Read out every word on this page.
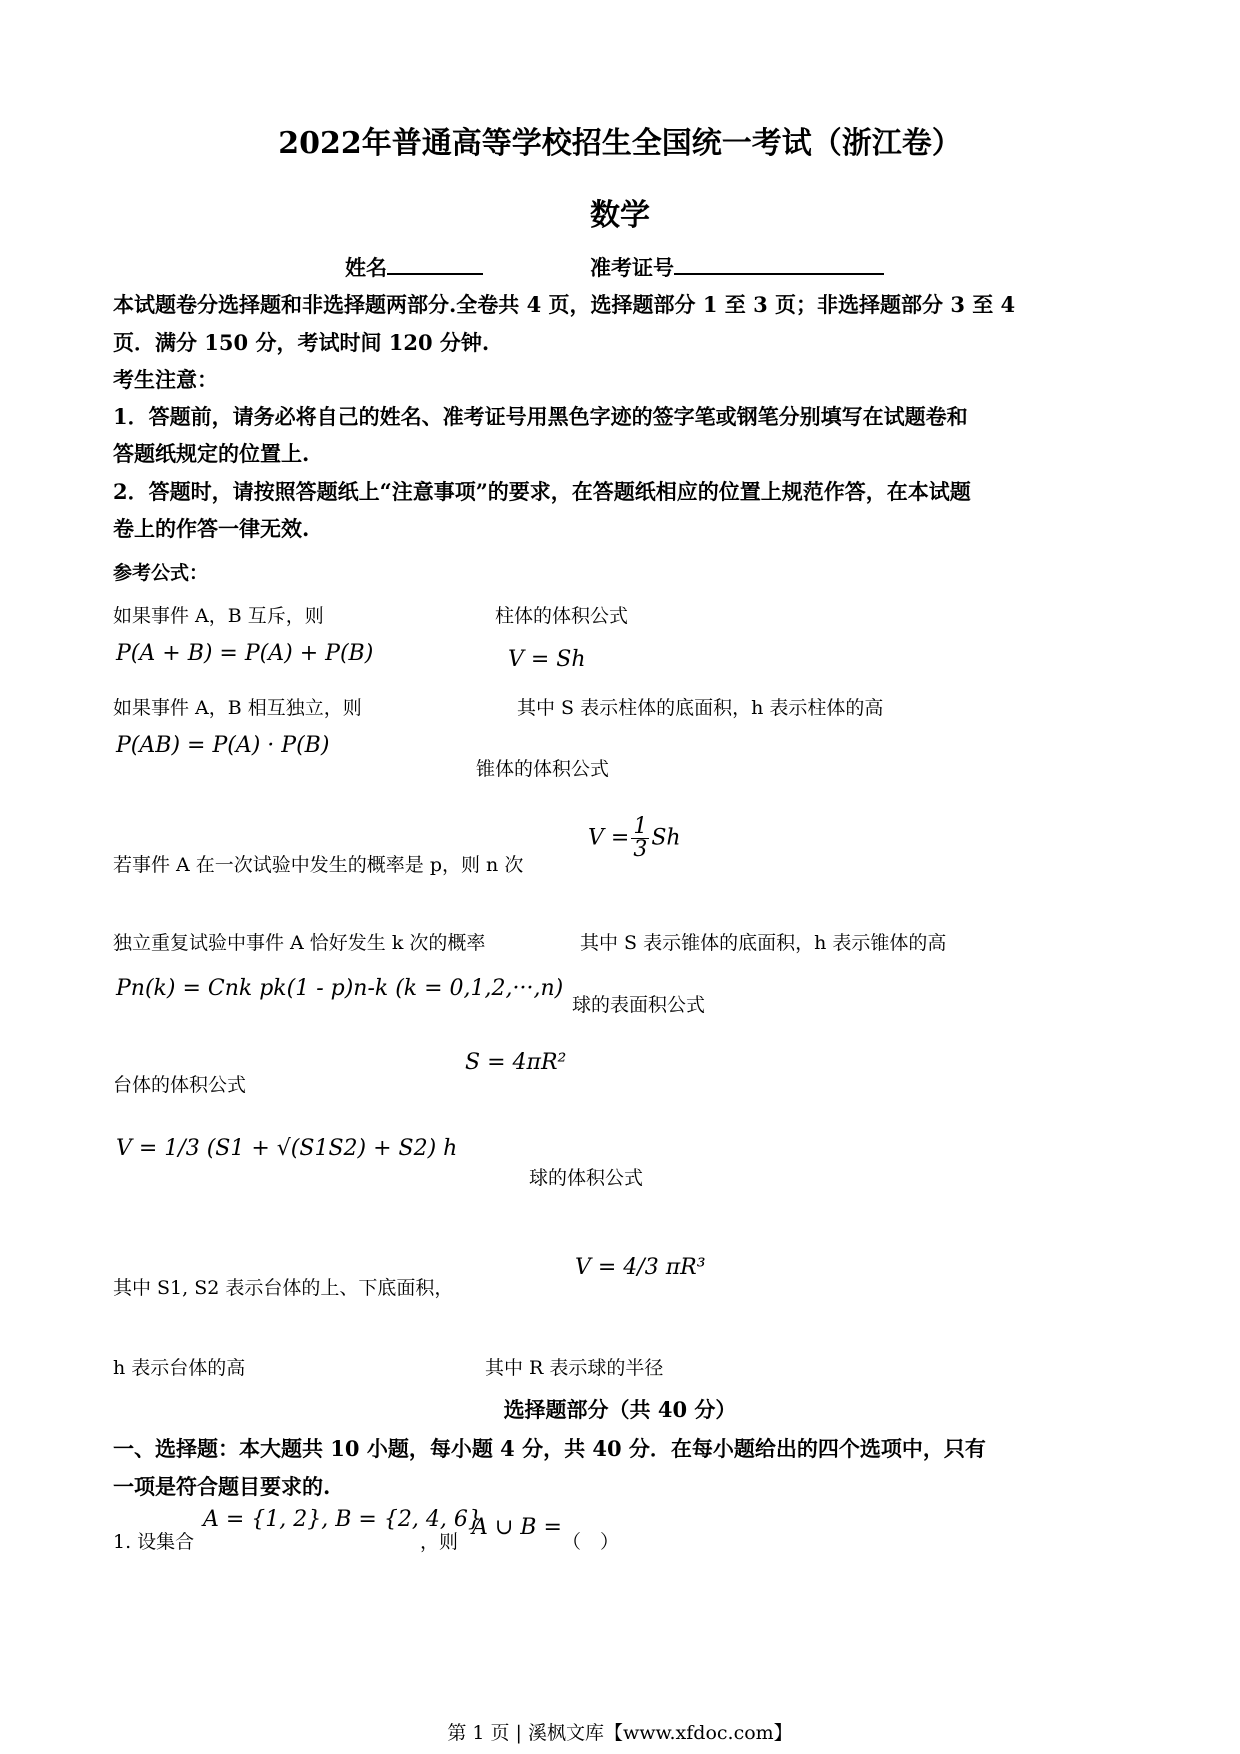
2022年普通高等学校招生全国统一考试（浙江卷）
数学
姓名	准考证号
本试题卷分选择题和非选择题两部分.全卷共 4 页，选择题部分 1 至 3 页；非选择题部分 3 至 4
页．满分 150 分，考试时间 120 分钟.
考生注意：
1．答题前，请务必将自己的姓名、准考证号用黑色字迹的签字笔或钢笔分别填写在试题卷和
答题纸规定的位置上.
2．答题时，请按照答题纸上“注意事项”的要求，在答题纸相应的位置上规范作答，在本试题
卷上的作答一律无效.
参考公式：
如果事件 A，B 互斥，则	柱体的体积公式
P(A + B) = P(A) + P(B)	V = Sh
如果事件 A，B 相互独立，则	其中 S 表示柱体的底面积，h 表示柱体的高
P(AB) = P(A) · P(B)
锥体的体积公式
$V = \frac{1}{3}$ Sh
若事件 A 在一次试验中发生的概率是 p，则 n 次
独立重复试验中事件 A 恰好发生 k 次的概率	其中 S 表示锥体的底面积，h 表示锥体的高
Pn(k) = Cnk pk(1 - p)n-k (k = 0,1,2,···,n)
球的表面积公式
S = 4πR²
台体的体积公式
V = 1/3 (S1 + √(S1S2) + S2) h
球的体积公式
V = 4/3 πR³
其中 S1, S2 表示台体的上、下底面积，
h 表示台体的高	其中 R 表示球的半径
选择题部分（共 40 分）
一、选择题：本大题共 10 小题，每小题 4 分，共 40 分．在每小题给出的四个选项中，只有
一项是符合题目要求的.
1. 设集合
A = {1, 2}, B = {2, 4, 6}
，则
A ∪ B =
（　）
第 1 页 | 溪枫文库【www.xfdoc.com】
